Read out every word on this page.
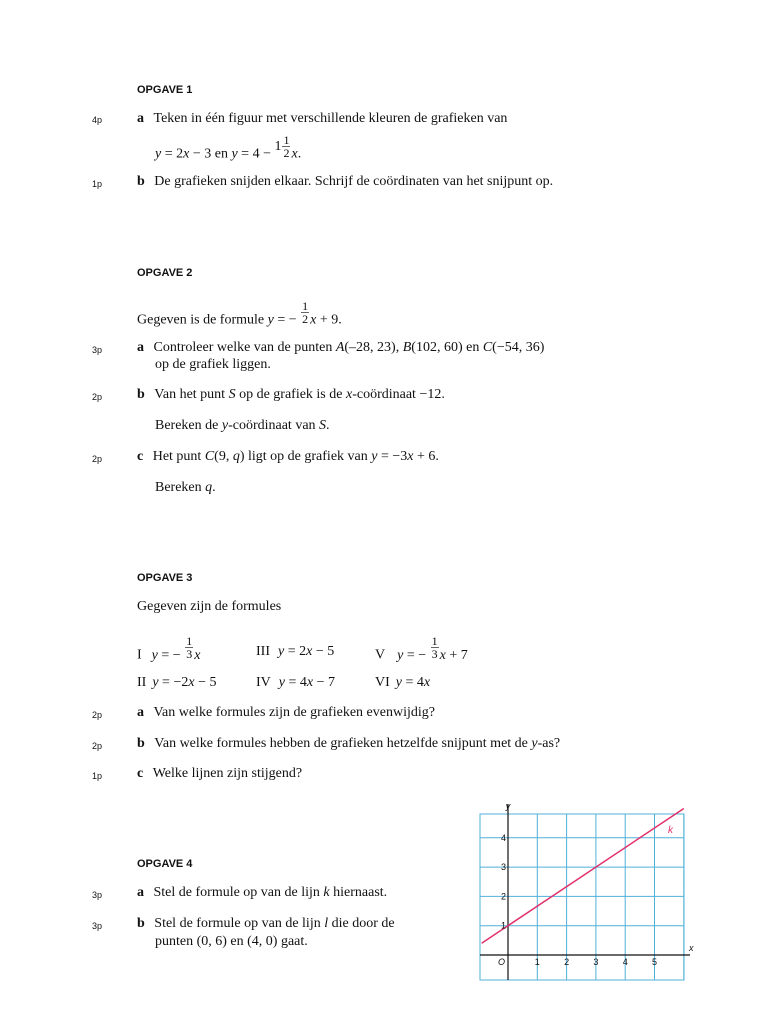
OPGAVE 1
4p a Teken in één figuur met verschillende kleuren de grafieken van
y = 2x − 3 en $y = 4 - 1 \frac{1}{2} x$.
1p b De grafieken snijden elkaar. Schrijf de coördinaten van het snijpunt op.
OPGAVE 2
Gegeven is de formule y = − $\frac{1}{2}$ x + 9.
3p a Controleer welke van de punten A(–28, 23), B(102, 60) en C(−54, 36)
op de grafiek liggen.
2p b Van het punt S op de grafiek is de x-coördinaat −12.
Bereken de y-coördinaat van S.
2p c Het punt C(9, q) ligt op de grafiek van y = −3x + 6.
Bereken q.
OPGAVE 3
Gegeven zijn de formules
I y = − $\frac{1}{3}$ x	III y = 2x − 5	V y = − $\frac{1}{3}$ x + 7
II y = −2x − 5	IV y = 4x − 7	VI y = 4x
2p a Van welke formules zijn de grafieken evenwijdig?
2p b Van welke formules hebben de grafieken hetzelfde snijpunt met de y-as?
1p c Welke lijnen zijn stijgend?
OPGAVE 4
3p a Stel de formule op van de lijn k hiernaast.
3p b Stel de formule op van de lijn l die door de
punten (0, 6) en (4, 0) gaat.
k
1	2	3	4	5
1
2
3
4
O
x
y
